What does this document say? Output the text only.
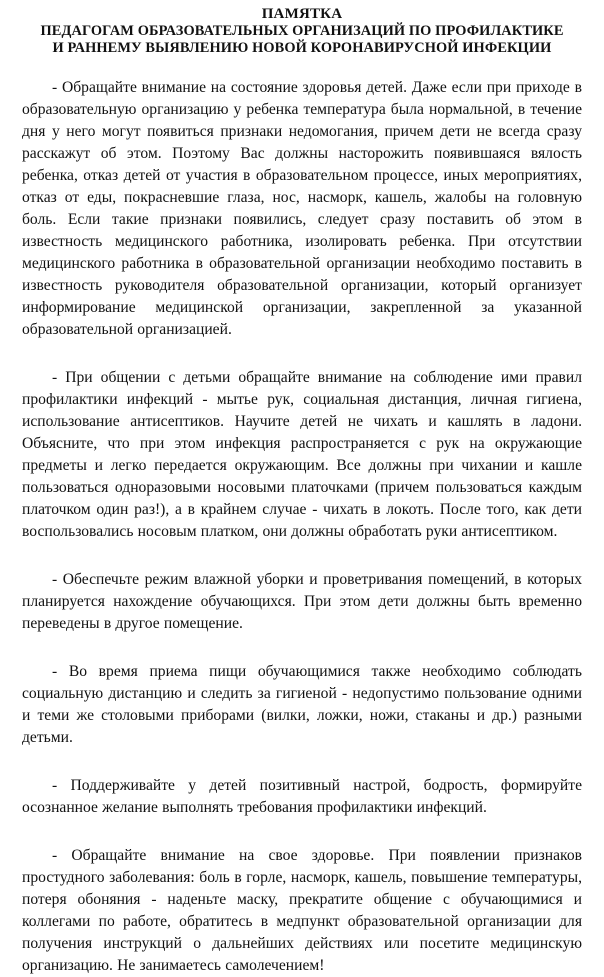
ПАМЯТКА
ПЕДАГОГАМ ОБРАЗОВАТЕЛЬНЫХ ОРГАНИЗАЦИЙ ПО ПРОФИЛАКТИКЕ
И РАННЕМУ ВЫЯВЛЕНИЮ НОВОЙ КОРОНАВИРУСНОЙ ИНФЕКЦИИ

- Обращайте внимание на состояние здоровья детей. Даже если при приходе в образовательную организацию у ребенка температура была нормальной, в течение дня у него могут появиться признаки недомогания, причем дети не всегда сразу расскажут об этом. Поэтому Вас должны насторожить появившаяся вялость ребенка, отказ детей от участия в образовательном процессе, иных мероприятиях, отказ от еды, покрасневшие глаза, нос, насморк, кашель, жалобы на головную боль. Если такие признаки появились, следует сразу поставить об этом в известность медицинского работника, изолировать ребенка. При отсутствии медицинского работника в образовательной организации необходимо поставить в известность руководителя образовательной организации, который организует информирование медицинской организации, закрепленной за указанной образовательной организацией.

- При общении с детьми обращайте внимание на соблюдение ими правил профилактики инфекций - мытье рук, социальная дистанция, личная гигиена, использование антисептиков. Научите детей не чихать и кашлять в ладони. Объясните, что при этом инфекция распространяется с рук на окружающие предметы и легко передается окружающим. Все должны при чихании и кашле пользоваться одноразовыми носовыми платочками (причем пользоваться каждым платочком один раз!), а в крайнем случае - чихать в локоть. После того, как дети воспользовались носовым платком, они должны обработать руки антисептиком.

- Обеспечьте режим влажной уборки и проветривания помещений, в которых планируется нахождение обучающихся. При этом дети должны быть временно переведены в другое помещение.

- Во время приема пищи обучающимися также необходимо соблюдать социальную дистанцию и следить за гигиеной - недопустимо пользование одними и теми же столовыми приборами (вилки, ложки, ножи, стаканы и др.) разными детьми.

- Поддерживайте у детей позитивный настрой, бодрость, формируйте осознанное желание выполнять требования профилактики инфекций.

- Обращайте внимание на свое здоровье. При появлении признаков простудного заболевания: боль в горле, насморк, кашель, повышение температуры, потеря обоняния - наденьте маску, прекратите общение с обучающимися и коллегами по работе, обратитесь в медпункт образовательной организации для получения инструкций о дальнейших действиях или посетите медицинскую организацию. Не занимаетесь самолечением!
